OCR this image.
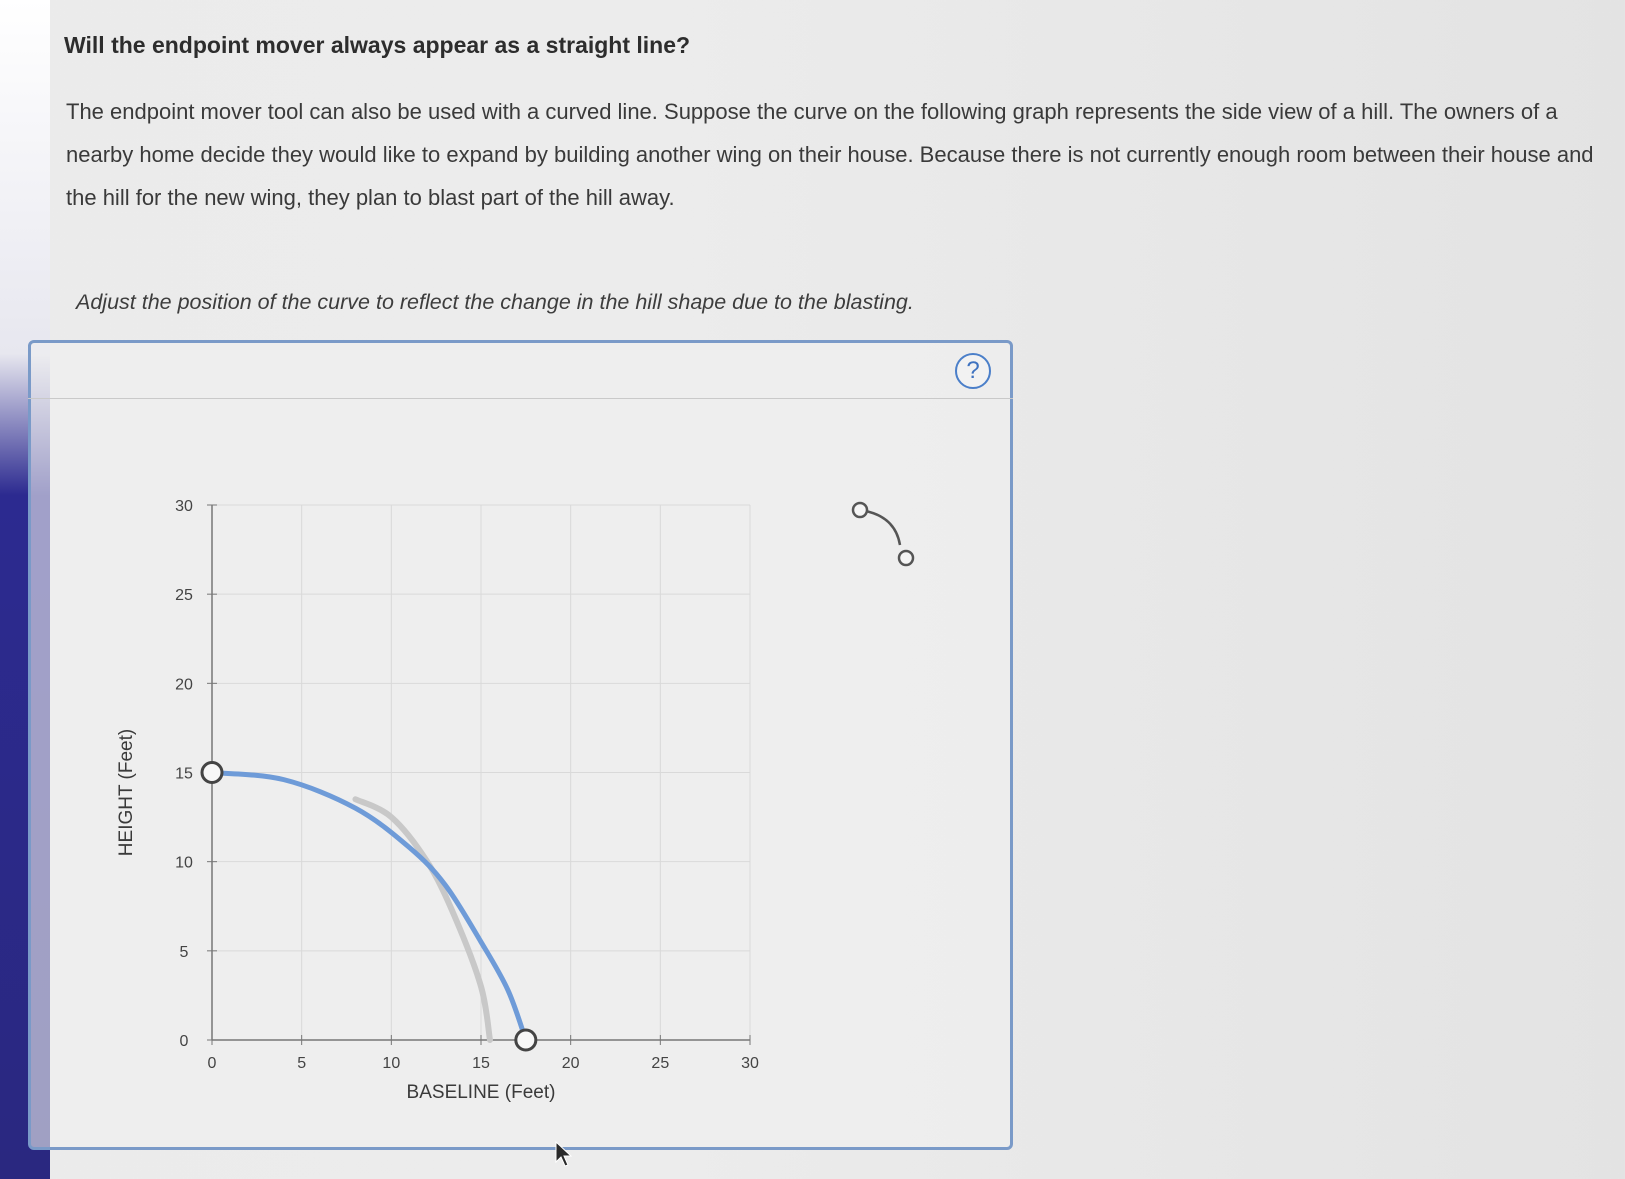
Will the endpoint mover always appear as a straight line?
The endpoint mover tool can also be used with a curved line. Suppose the curve on the following graph represents the side view of a hill. The owners of a nearby home decide they would like to expand by building another wing on their house. Because there is not currently enough room between their house and the hill for the new wing, they plan to blast part of the hill away.
Adjust the position of the curve to reflect the change in the hill shape due to the blasting.
?
0	5	10	15	20	25	30
0
5
10
15
20
25
30
BASELINE (Feet)
HEIGHT (Feet)
